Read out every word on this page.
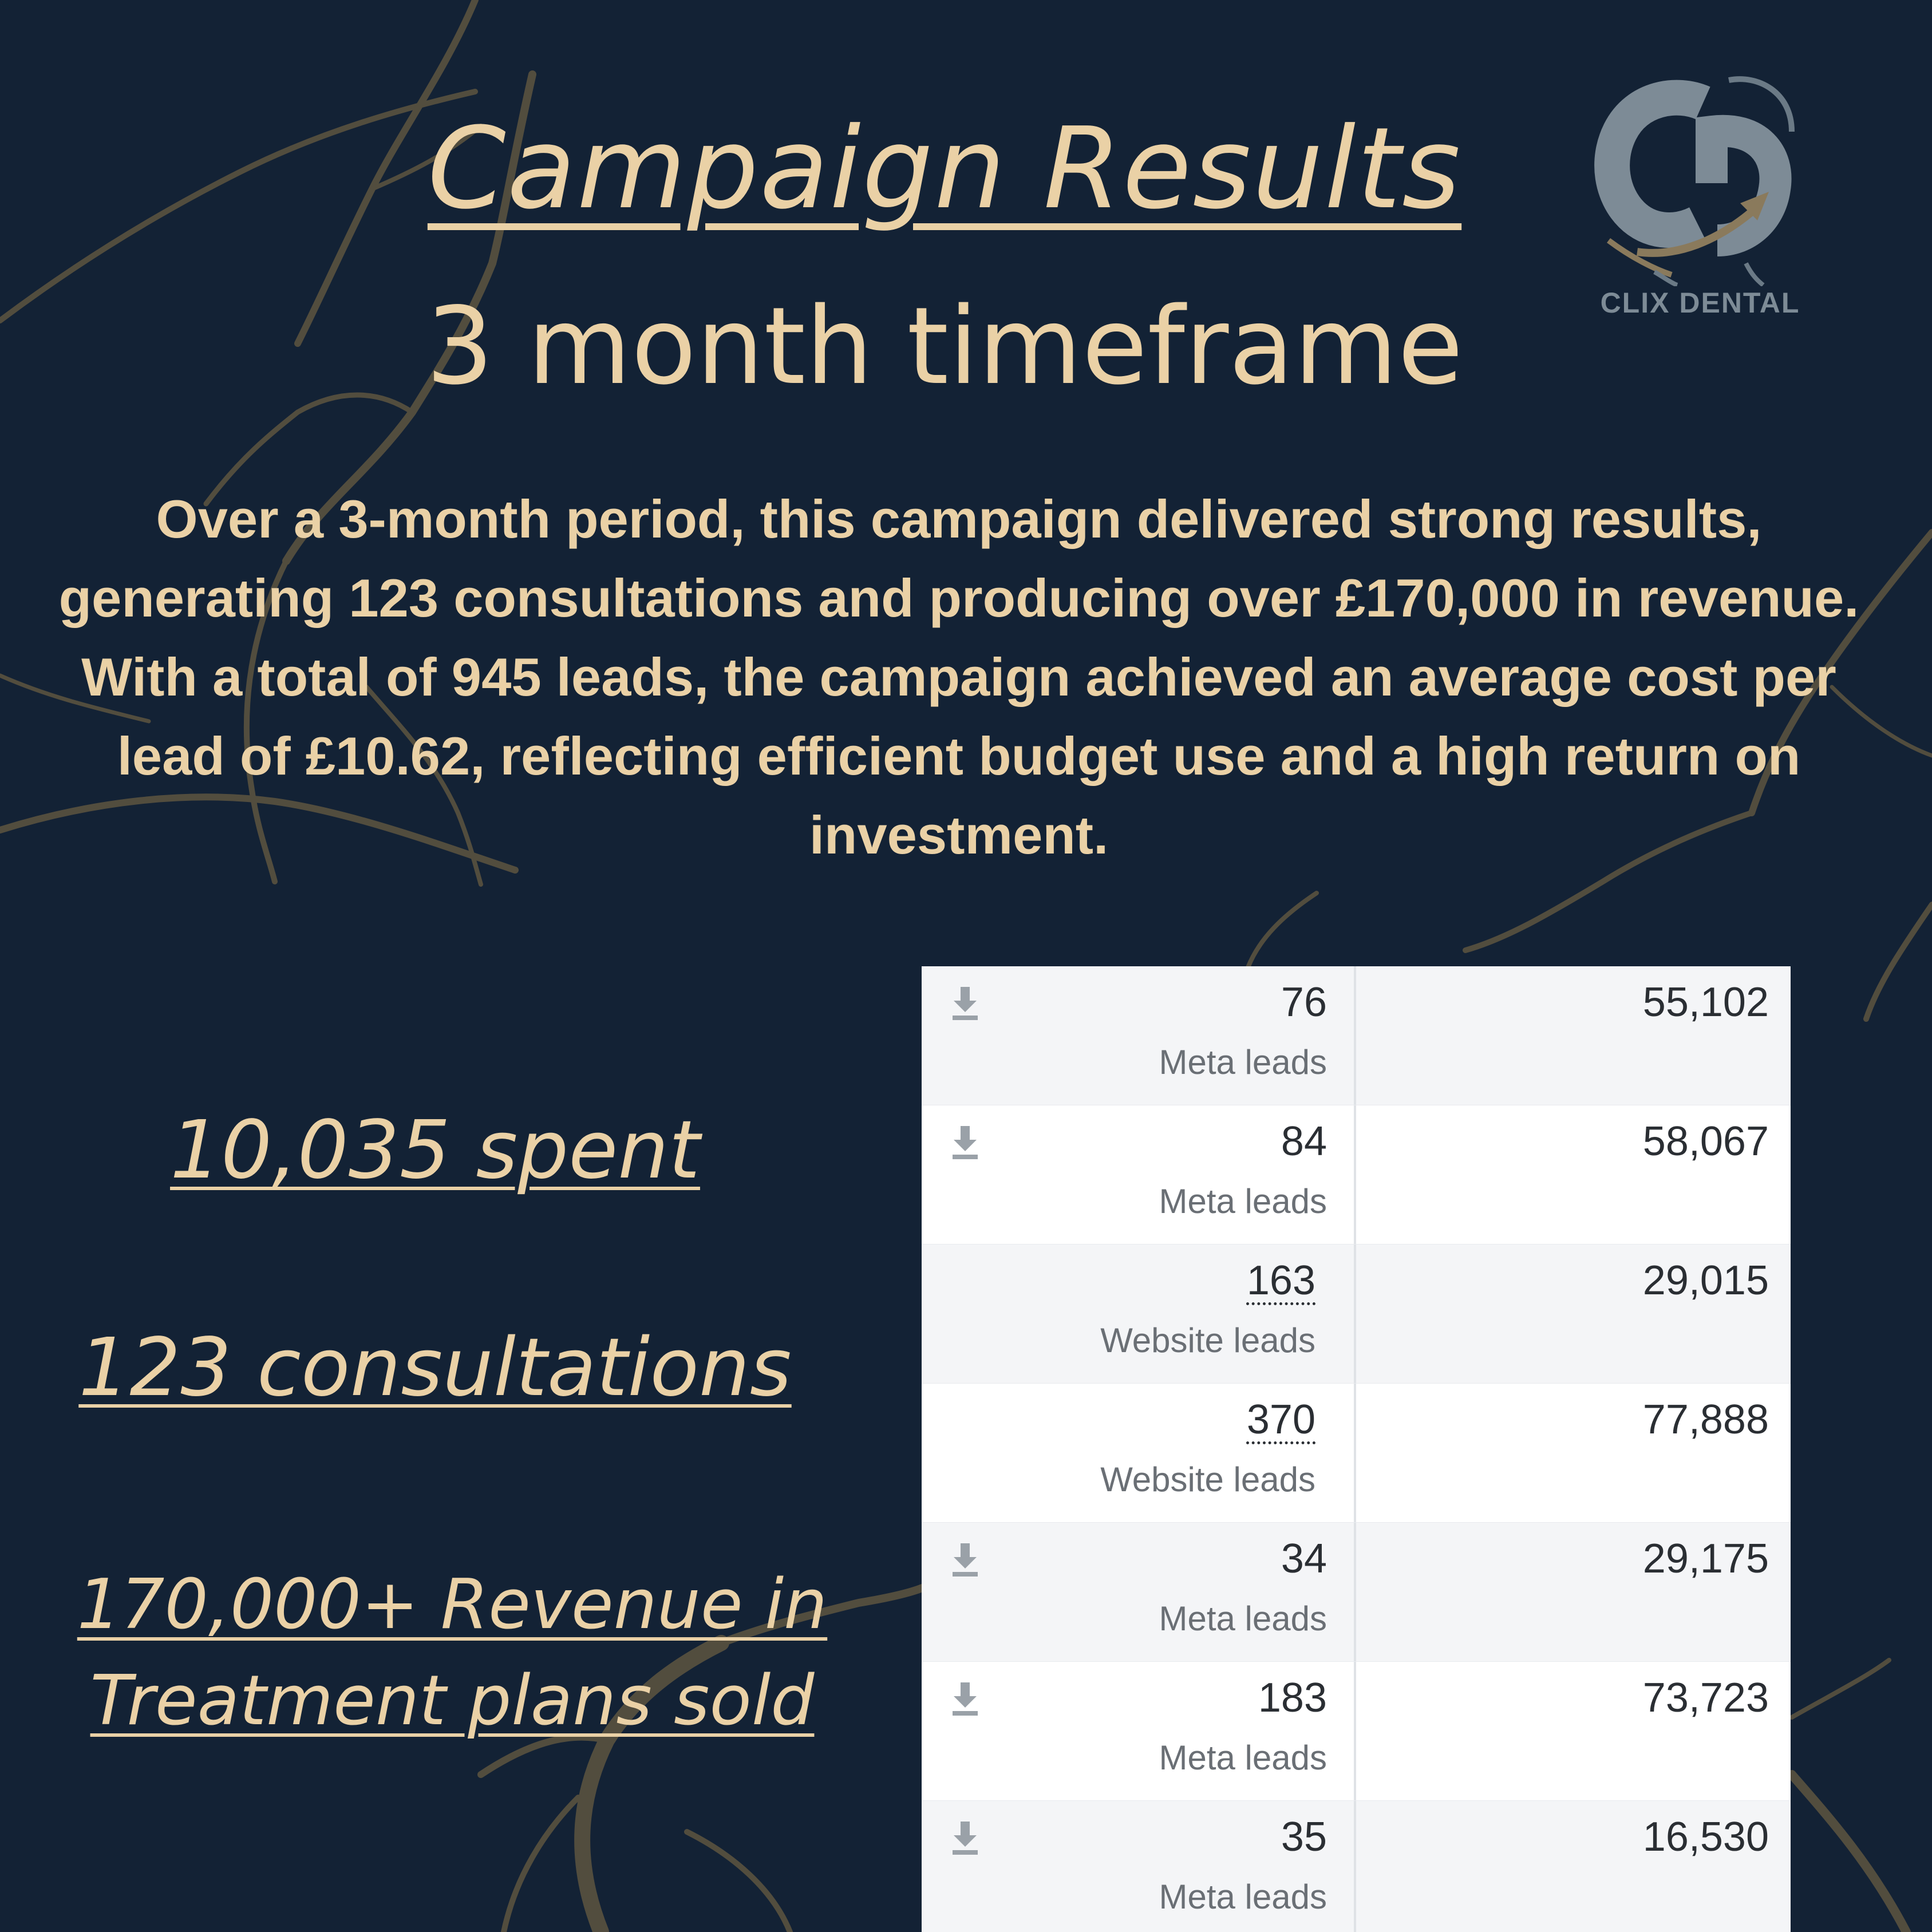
CLIX DENTAL
Campaign Results
3 month timeframe

Over a 3-month period, this campaign delivered strong results, generating 123 consultations and producing over £170,000 in revenue. With a total of 945 leads, the campaign achieved an average cost per lead of £10.62, reflecting efficient budget use and a high return on investment.

10,035 spent
123 consultations
170,000+ Revenue in
Treatment plans sold
76
Meta leads
55,102
84
Meta leads
58,067
163
Website leads
29,015
370
Website leads
77,888
34
Meta leads
29,175
183
Meta leads
73,723
35
Meta leads
16,530
